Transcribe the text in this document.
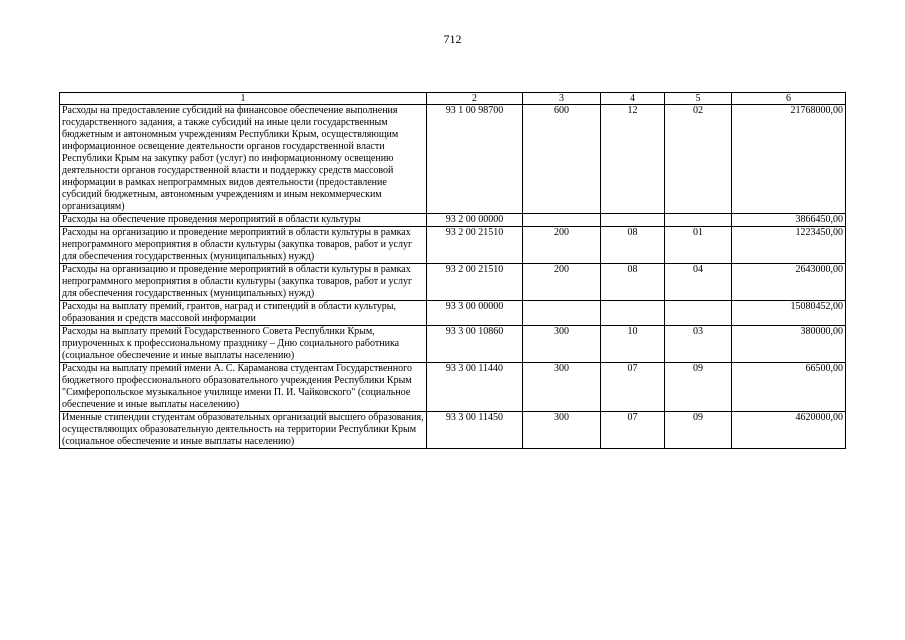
712
1	2	3	4	5	6
Расходы на предоставление субсидий на финансовое обеспечение выполнения государственного задания, а также субсидий на иные цели государственным бюджетным и автономным учреждениям Республики Крым, осуществляющим информационное освещение деятельности органов государственной власти Республики Крым на закупку работ (услуг) по информационному освещению деятельности органов государственной власти и поддержку средств массовой информации в рамках непрограммных видов деятельности (предоставление субсидий бюджетным, автономным учреждениям и иным некоммерческим организациям)	93 1 00 98700	600	12	02	21768000,00
Расходы на обеспечение проведения мероприятий в области культуры	93 2 00 00000				3866450,00
Расходы на организацию и проведение мероприятий в области культуры в рамках непрограммного мероприятия в области культуры (закупка товаров, работ и услуг для обеспечения государственных (муниципальных) нужд)	93 2 00 21510	200	08	01	1223450,00
Расходы на организацию и проведение мероприятий в области культуры в рамках непрограммного мероприятия в области культуры (закупка товаров, работ и услуг для обеспечения государственных (муниципальных) нужд)	93 2 00 21510	200	08	04	2643000,00
Расходы на выплату премий, грантов, наград и стипендий в области культуры, образования и средств массовой информации	93 3 00 00000				15080452,00
Расходы на выплату премий Государственного Совета Республики Крым, приуроченных к профессиональному празднику – Дню социального работника (социальное обеспечение и иные выплаты населению)	93 3 00 10860	300	10	03	380000,00
Расходы на выплату премий имени А. С. Караманова студентам Государственного бюджетного профессионального образовательного учреждения Республики Крым "Симферопольское музыкальное училище имени П. И. Чайковского" (социальное обеспечение и иные выплаты населению)	93 3 00 11440	300	07	09	66500,00
Именные стипендии студентам образовательных организаций высшего образования, осуществляющих образовательную деятельность на территории Республики Крым (социальное обеспечение и иные выплаты населению)	93 3 00 11450	300	07	09	4620000,00
